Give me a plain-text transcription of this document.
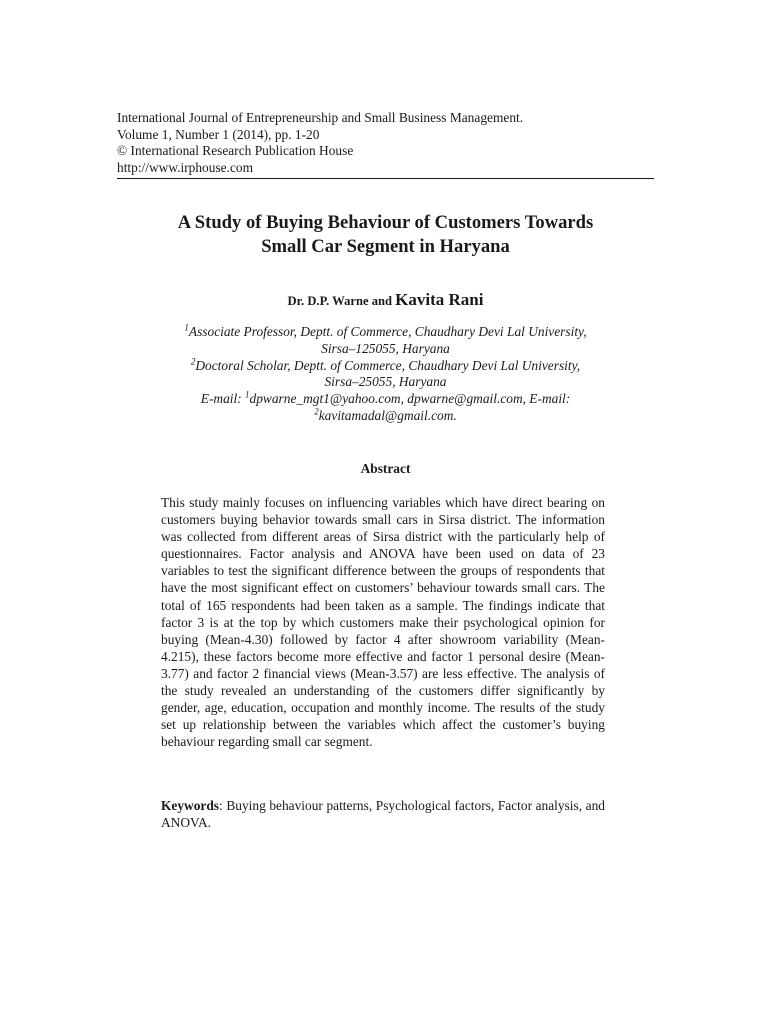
International Journal of Entrepreneurship and Small Business Management.
Volume 1, Number 1 (2014), pp. 1-20
© International Research Publication House
http://www.irphouse.com
A Study of Buying Behaviour of Customers Towards
Small Car Segment in Haryana
Dr. D.P. Warne and Kavita Rani
$^1$Associate Professor, Deptt. of Commerce, Chaudhary Devi Lal University,
Sirsa–125055, Haryana
$^2$Doctoral Scholar, Deptt. of Commerce, Chaudhary Devi Lal University,
Sirsa–25055, Haryana
E-mail: $^1$dpwarne_mgt1@yahoo.com, dpwarne@gmail.com, E-mail:
$^2$kavitamadal@gmail.com.
Abstract
This study mainly focuses on influencing variables which have direct bearing on customers buying behavior towards small cars in Sirsa district. The information was collected from different areas of Sirsa district with the particularly help of questionnaires. Factor analysis and ANOVA have been used on data of 23 variables to test the significant difference between the groups of respondents that have the most significant effect on customers’ behaviour towards small cars. The total of 165 respondents had been taken as a sample. The findings indicate that factor 3 is at the top by which customers make their psychological opinion for buying (Mean-4.30) followed by factor 4 after showroom variability (Mean-4.215), these factors become more effective and factor 1 personal desire (Mean-3.77) and factor 2 financial views (Mean-3.57) are less effective. The analysis of the study revealed an understanding of the customers differ significantly by gender, age, education, occupation and monthly income. The results of the study set up relationship between the variables which affect the customer’s buying behaviour regarding small car segment.
Keywords: Buying behaviour patterns, Psychological factors, Factor analysis, and ANOVA.
